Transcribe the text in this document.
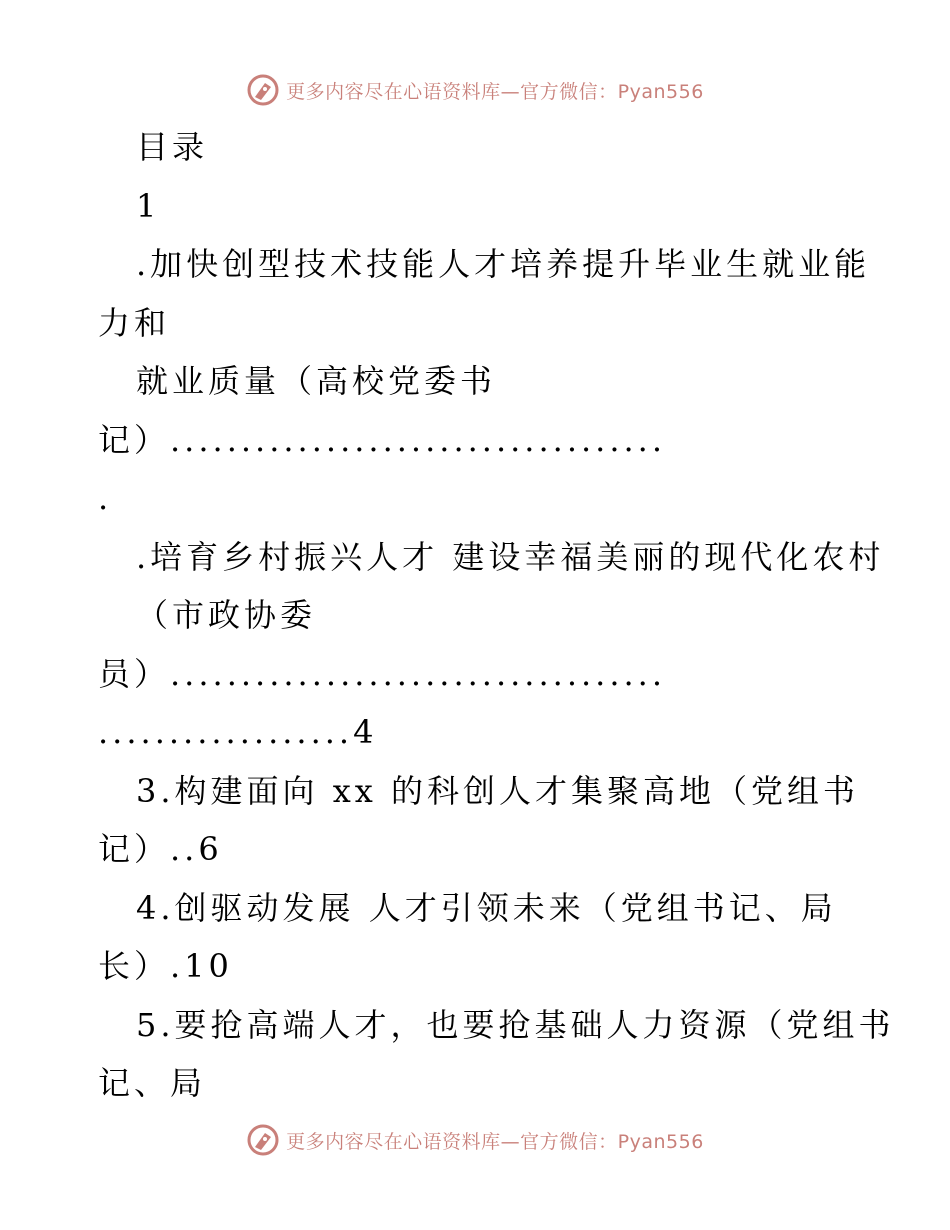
更多内容尽在心语资料库—官方微信：Pyan556
目录
1
.加快创型技术技能人才培养提升毕业生就业能
力和
就业质量（高校党委书
记）...................................
.
.培育乡村振兴人才 建设幸福美丽的现代化农村
（市政协委
员）...................................
..................4
3.构建面向 xx 的科创人才集聚高地（党组书
记）..6
4.创驱动发展 人才引领未来（党组书记、局
长）.10
5.要抢高端人才，也要抢基础人力资源（党组书
记、局
更多内容尽在心语资料库—官方微信：Pyan556
